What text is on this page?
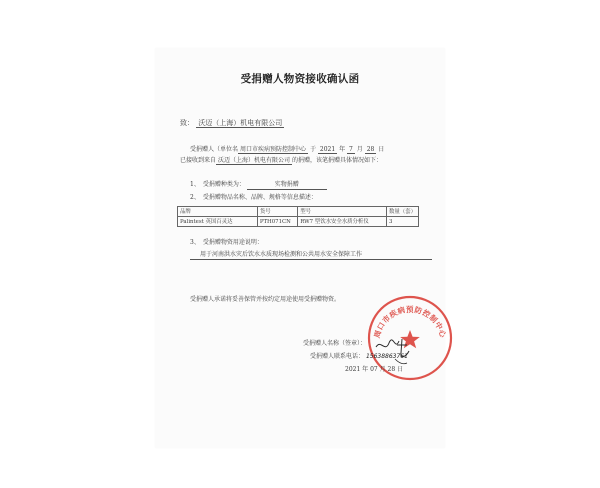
受捐赠人物资接收确认函
致： 沃迈（上海）机电有限公司
受捐赠人（单位名 周口市疾病预防控制中心 于 2021 年 7 月 28 日
已接收到来自 沃迈（上海）机电有限公司 的捐赠，该笔捐赠具体情况如下：
1、　受捐赠种类为：	实物捐赠
2、　受捐赠物品名称、品牌、规格等信息描述：
品牌	货号	型号	数量（套）
Palintest 英国百灵达	PTH071CN	RW7 型饮水安全水质分析仪	3
3、　受捐赠物资用途说明：
用于河南洪水灾后饮水水质现场检测和公共用水安全保障工作
受捐赠人承诺将妥善保管并按约定用途使用受捐赠物资。
周口市疾病预防控制中心
受捐赠人名称（签章）：
受捐赠人联系电话： 15638863761
2021 年 07 月 28 日
